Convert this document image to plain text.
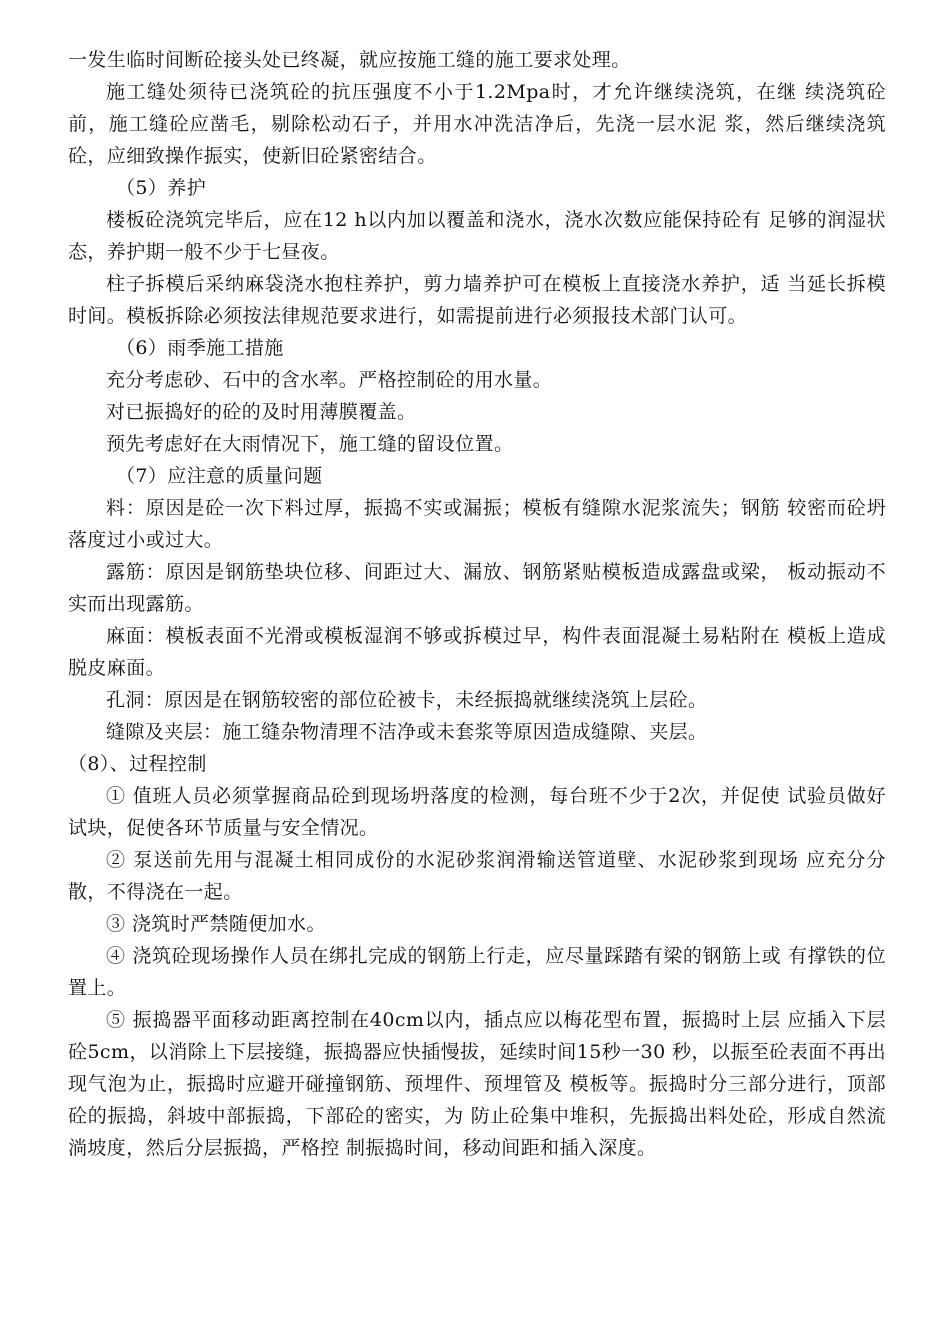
一发生临时间断砼接头处已终凝，就应按施工缝的施工要求处理。

施工缝处须待已浇筑砼的抗压强度不小于1.2Mpa时，才允许继续浇筑，在继 续浇筑砼前，施工缝砼应凿毛，剔除松动石子，并用水冲洗洁净后，先浇一层水泥 浆，然后继续浇筑砼，应细致操作振实，使新旧砼紧密结合。

（5）养护

楼板砼浇筑完毕后，应在12 h以内加以覆盖和浇水，浇水次数应能保持砼有 足够的润湿状态，养护期一般不少于七昼夜。

柱子拆模后采纳麻袋浇水抱柱养护，剪力墙养护可在模板上直接浇水养护，适 当延长拆模时间。模板拆除必须按法律规范要求进行，如需提前进行必须报技术部门认可。

（6）雨季施工措施

充分考虑砂、石中的含水率。严格控制砼的用水量。

对已振捣好的砼的及时用薄膜覆盖。

预先考虑好在大雨情况下，施工缝的留设位置。

（7）应注意的质量问题

料：原因是砼一次下料过厚，振捣不实或漏振；模板有缝隙水泥浆流失；钢筋 较密而砼坍落度过小或过大。

露筋：原因是钢筋垫块位移、间距过大、漏放、钢筋紧贴模板造成露盘或梁， 板动振动不实而出现露筋。

麻面：模板表面不光滑或模板湿润不够或拆模过早，构件表面混凝土易粘附在 模板上造成脱皮麻面。

孔洞：原因是在钢筋较密的部位砼被卡，未经振捣就继续浇筑上层砼。

缝隙及夹层：施工缝杂物清理不洁净或未套浆等原因造成缝隙、夹层。

（8）、过程控制

① 值班人员必须掌握商品砼到现场坍落度的检测，每台班不少于2次，并促使 试验员做好试块，促使各环节质量与安全情况。

② 泵送前先用与混凝土相同成份的水泥砂浆润滑输送管道壁、水泥砂浆到现场 应充分分散，不得浇在一起。

③ 浇筑时严禁随便加水。

④ 浇筑砼现场操作人员在绑扎完成的钢筋上行走，应尽量踩踏有梁的钢筋上或 有撑铁的位置上。

⑤ 振捣器平面移动距离控制在40cm以内，插点应以梅花型布置，振捣时上层 应插入下层砼5cm，以消除上下层接缝，振捣器应快插慢拔，延续时间15秒一30 秒，以振至砼表面不再出现气泡为止，振捣时应避开碰撞钢筋、预埋件、预埋管及 模板等。振捣时分三部分进行，顶部砼的振捣，斜坡中部振捣，下部砼的密实，为 防止砼集中堆积，先振捣出料处砼，形成自然流淌坡度，然后分层振捣，严格控 制振捣时间，移动间距和插入深度。
